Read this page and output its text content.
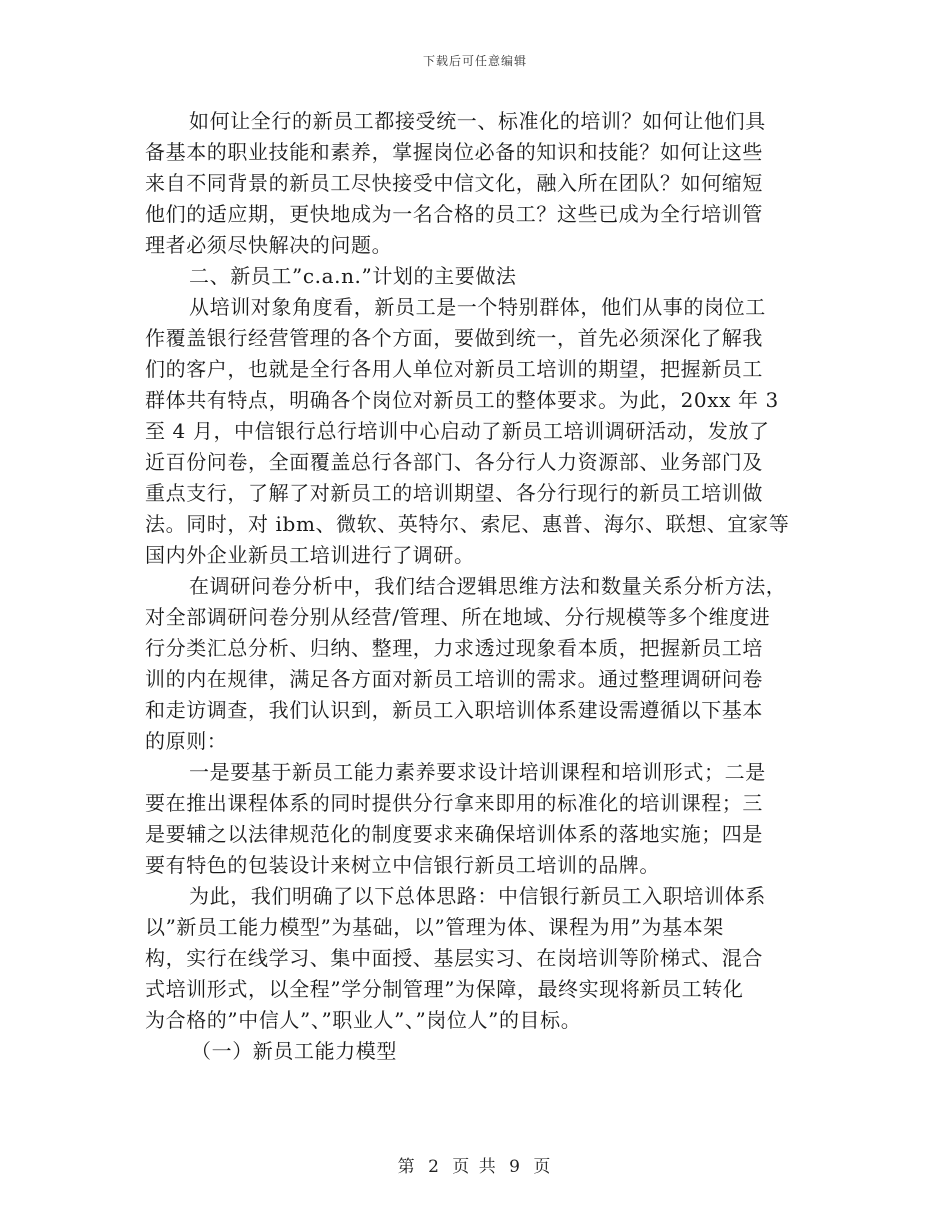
下载后可任意编辑
如何让全行的新员工都接受统一、标准化的培训？如何让他们具
备基本的职业技能和素养，掌握岗位必备的知识和技能？如何让这些
来自不同背景的新员工尽快接受中信文化，融入所在团队？如何缩短
他们的适应期，更快地成为一名合格的员工？这些已成为全行培训管
理者必须尽快解决的问题。
二、新员工”c.a.n.”计划的主要做法
从培训对象角度看，新员工是一个特别群体，他们从事的岗位工
作覆盖银行经营管理的各个方面，要做到统一，首先必须深化了解我
们的客户，也就是全行各用人单位对新员工培训的期望，把握新员工
群体共有特点，明确各个岗位对新员工的整体要求。为此，20xx 年 3
至 4 月，中信银行总行培训中心启动了新员工培训调研活动，发放了
近百份问卷，全面覆盖总行各部门、各分行人力资源部、业务部门及
重点支行，了解了对新员工的培训期望、各分行现行的新员工培训做
法。同时，对 ibm、微软、英特尔、索尼、惠普、海尔、联想、宜家等
国内外企业新员工培训进行了调研。
在调研问卷分析中，我们结合逻辑思维方法和数量关系分析方法，
对全部调研问卷分别从经营/管理、所在地域、分行规模等多个维度进
行分类汇总分析、归纳、整理，力求透过现象看本质，把握新员工培
训的内在规律，满足各方面对新员工培训的需求。通过整理调研问卷
和走访调查，我们认识到，新员工入职培训体系建设需遵循以下基本
的原则：
一是要基于新员工能力素养要求设计培训课程和培训形式；二是
要在推出课程体系的同时提供分行拿来即用的标准化的培训课程；三
是要辅之以法律规范化的制度要求来确保培训体系的落地实施；四是
要有特色的包装设计来树立中信银行新员工培训的品牌。
为此，我们明确了以下总体思路：中信银行新员工入职培训体系
以”新员工能力模型”为基础，以”管理为体、课程为用”为基本架
构，实行在线学习、集中面授、基层实习、在岗培训等阶梯式、混合
式培训形式，以全程”学分制管理”为保障，最终实现将新员工转化
为合格的”中信人”、”职业人”、”岗位人”的目标。
（一）新员工能力模型
第 2 页 共 9 页
